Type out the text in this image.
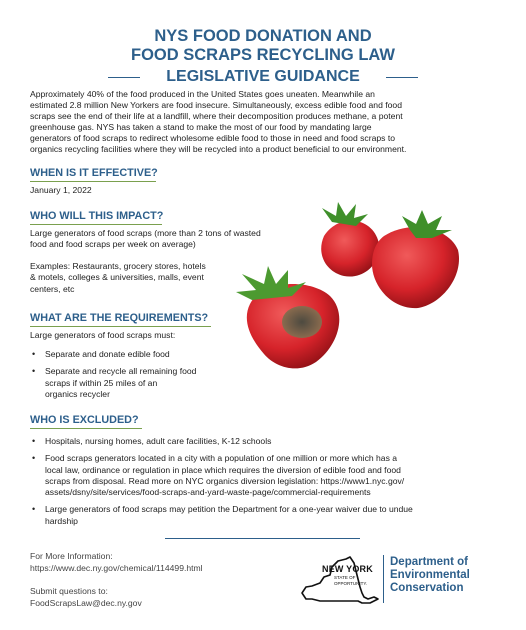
NYS FOOD DONATION AND
FOOD SCRAPS RECYCLING LAW
LEGISLATIVE GUIDANCE
Approximately 40% of the food produced in the United States goes uneaten. Meanwhile an
estimated 2.8 million New Yorkers are food insecure. Simultaneously, excess edible food and food
scraps see the end of their life at a landfill, where their decomposition produces methane, a potent
greenhouse gas. NYS has taken a stand to make the most of our food by mandating large
generators of food scraps to redirect wholesome edible food to those in need and food scraps to
organics recycling facilities where they will be recycled into a product beneficial to our environment.
WHEN IS IT EFFECTIVE?
January 1, 2022
WHO WILL THIS IMPACT?
Large generators of food scraps (more than 2 tons of wasted
food and food scraps per week on average)
Examples: Restaurants, grocery stores, hotels
& motels, colleges & universities, malls, event
centers, etc
WHAT ARE THE REQUIREMENTS?
Large generators of food scraps must:
• Separate and donate edible food
• Separate and recycle all remaining food
scraps if within 25 miles of an
organics recycler
WHO IS EXCLUDED?
• Hospitals, nursing homes, adult care facilities, K-12 schools
• Food scraps generators located in a city with a population of one million or more which has a
local law, ordinance or regulation in place which requires the diversion of edible food and food
scraps from disposal. Read more on NYC organics diversion legislation: https://www1.nyc.gov/
assets/dsny/site/services/food-scraps-and-yard-waste-page/commercial-requirements
• Large generators of food scraps may petition the Department for a one-year waiver due to undue
hardship
For More Information:
https://www.dec.ny.gov/chemical/114499.html
Submit questions to:
FoodScrapsLaw@dec.ny.gov
NEW YORK
STATE OF
OPPORTUNITY.
Department of
Environmental
Conservation
